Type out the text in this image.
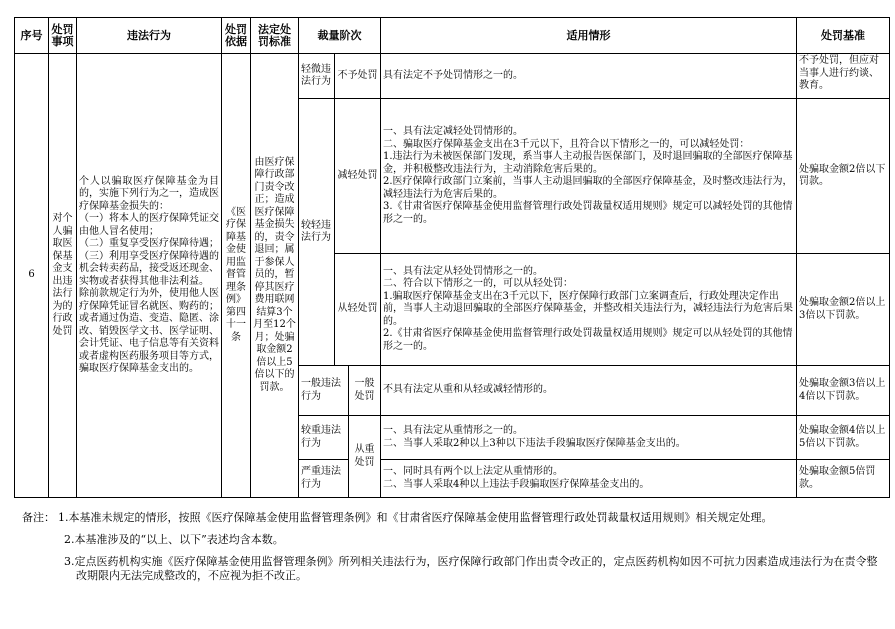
序号	处罚事项	违法行为	处罚依据	法定处罚标准	裁量阶次			适用情形	处罚基准
6	对个人骗取医保基金支出违法行为的行政处罚	个人以骗取医疗保障基金为目的，实施下列行为之一，造成医疗保障基金损失的：
（一）将本人的医疗保障凭证交由他人冒名使用；
（二）重复享受医疗保障待遇；
（三）利用享受医疗保障待遇的机会转卖药品，接受返还现金、实物或者获得其他非法利益。
除前款规定行为外，使用他人医疗保障凭证冒名就医、购药的；或者通过伪造、变造、隐匿、涂改、销毁医学文书、医学证明、会计凭证、电子信息等有关资料或者虚构医药服务项目等方式，骗取医疗保障基金支出的。	《医疗保障基金使用监督管理条例》第四十一条	由医疗保障行政部门责令改正；造成医疗保障基金损失的，责令退回；属于参保人员的，暂停其医疗费用联网结算3个月至12个月；处骗取金额2倍以上5倍以下的罚款。	轻微违法行为	不予处罚		具有法定不予处罚情形之一的。	不予处罚，但应对当事人进行约谈、教育。
					较轻违法行为	减轻处罚		一、具有法定减轻处罚情形的。
二、骗取医疗保障基金支出在3千元以下，且符合以下情形之一的，可以减轻处罚：
1.违法行为未被医保部门发现，系当事人主动报告医保部门，及时退回骗取的全部医疗保障基金，并积极整改违法行为，主动消除危害后果的。
2.医疗保障行政部门立案前，当事人主动退回骗取的全部医疗保障基金，及时整改违法行为，减轻违法行为危害后果的。
3.《甘肃省医疗保障基金使用监督管理行政处罚裁量权适用规则》规定可以减轻处罚的其他情形之一的。	处骗取金额2倍以下罚款。
						从轻处罚		一、具有法定从轻处罚情形之一的。
二、符合以下情形之一的，可以从轻处罚：
1.骗取医疗保障基金支出在3千元以下，医疗保障行政部门立案调查后，行政处理决定作出前，当事人主动退回骗取的全部医疗保障基金，并整改相关违法行为，减轻违法行为危害后果的。
2.《甘肃省医疗保障基金使用监督管理行政处罚裁量权适用规则》规定可以从轻处罚的其他情形之一的。	处骗取金额2倍以上3倍以下罚款。
					一般违法行为		一般处罚	不具有法定从重和从轻或减轻情形的。	处骗取金额3倍以上4倍以下罚款。
					较重违法行为		从重处罚	一、具有法定从重情形之一的。
二、当事人采取2种以上3种以下违法手段骗取医疗保障基金支出的。	处骗取金额4倍以上5倍以下罚款。
					严重违法行为			一、同时具有两个以上法定从重情形的。
二、当事人采取4种以上违法手段骗取医疗保障基金支出的。	处骗取金额5倍罚款。
备注： 1.本基准未规定的情形，按照《医疗保障基金使用监督管理条例》和《甘肃省医疗保障基金使用监督管理行政处罚裁量权适用规则》相关规定处理。
2.本基准涉及的“以上、以下”表述均含本数。
3.定点医药机构实施《医疗保障基金使用监督管理条例》所列相关违法行为，医疗保障行政部门作出责令改正的，定点医药机构如因不可抗力因素造成违法行为在责令整改期限内无法完成整改的，不应视为拒不改正。
